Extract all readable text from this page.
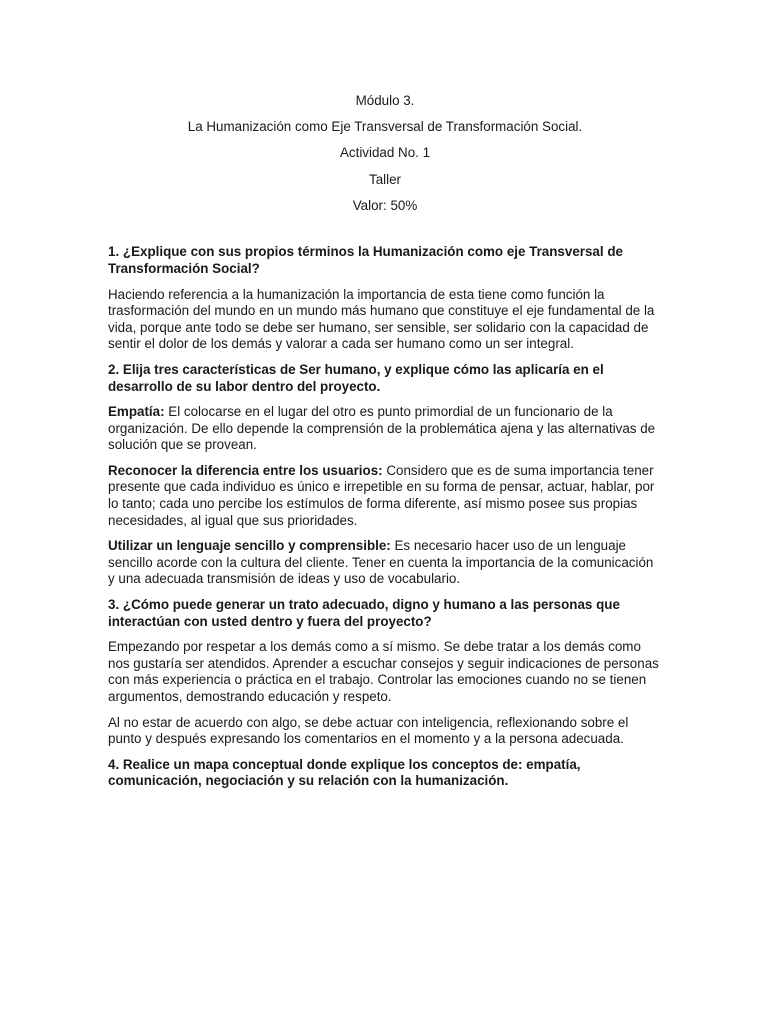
Módulo 3.
La Humanización como Eje Transversal de Transformación Social.
Actividad No. 1
Taller
Valor: 50%

1. ¿Explique con sus propios términos la Humanización como eje Transversal de Transformación Social?

Haciendo referencia a la humanización la importancia de esta tiene como función la trasformación del mundo en un mundo más humano que constituye el eje fundamental de la vida, porque ante todo se debe ser humano, ser sensible, ser solidario con la capacidad de sentir el dolor de los demás y valorar a cada ser humano como un ser integral.

2. Elija tres características de Ser humano, y explique cómo las aplicaría en el desarrollo de su labor dentro del proyecto.

Empatía: El colocarse en el lugar del otro es punto primordial de un funcionario de la organización. De ello depende la comprensión de la problemática ajena y las alternativas de solución que se provean.

Reconocer la diferencia entre los usuarios: Considero que es de suma importancia tener presente que cada individuo es único e irrepetible en su forma de pensar, actuar, hablar, por lo tanto; cada uno percibe los estímulos de forma diferente, así mismo posee sus propias necesidades, al igual que sus prioridades.

Utilizar un lenguaje sencillo y comprensible: Es necesario hacer uso de un lenguaje sencillo acorde con la cultura del cliente. Tener en cuenta la importancia de la comunicación y una adecuada transmisión de ideas y uso de vocabulario.

3. ¿Cómo puede generar un trato adecuado, digno y humano a las personas que interactúan con usted dentro y fuera del proyecto?

Empezando por respetar a los demás como a sí mismo. Se debe tratar a los demás como nos gustaría ser atendidos. Aprender a escuchar consejos y seguir indicaciones de personas con más experiencia o práctica en el trabajo. Controlar las emociones cuando no se tienen argumentos, demostrando educación y respeto.

Al no estar de acuerdo con algo, se debe actuar con inteligencia, reflexionando sobre el punto y después expresando los comentarios en el momento y a la persona adecuada.

4. Realice un mapa conceptual donde explique los conceptos de: empatía, comunicación, negociación y su relación con la humanización.
